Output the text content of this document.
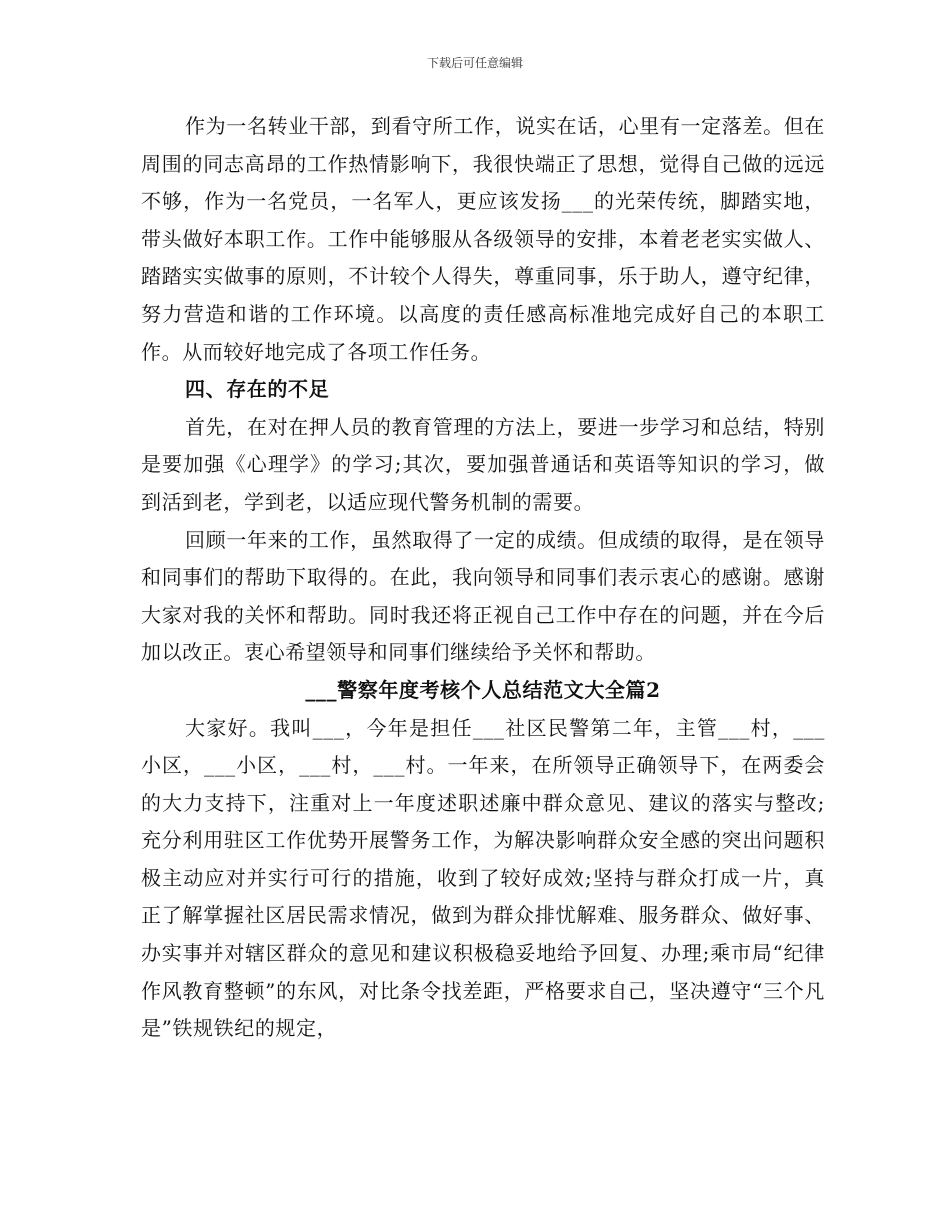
下载后可任意编辑

作为一名转业干部，到看守所工作，说实在话，心里有一定落差。但在周围的同志高昂的工作热情影响下，我很快端正了思想，觉得自己做的远远不够，作为一名党员，一名军人，更应该发扬___的光荣传统，脚踏实地，带头做好本职工作。工作中能够服从各级领导的安排，本着老老实实做人、踏踏实实做事的原则，不计较个人得失，尊重同事，乐于助人，遵守纪律，努力营造和谐的工作环境。以高度的责任感高标准地完成好自己的本职工作。从而较好地完成了各项工作任务。

四、存在的不足

首先，在对在押人员的教育管理的方法上，要进一步学习和总结，特别是要加强《心理学》的学习;其次，要加强普通话和英语等知识的学习，做到活到老，学到老，以适应现代警务机制的需要。

回顾一年来的工作，虽然取得了一定的成绩。但成绩的取得，是在领导和同事们的帮助下取得的。在此，我向领导和同事们表示衷心的感谢。感谢大家对我的关怀和帮助。同时我还将正视自己工作中存在的问题，并在今后加以改正。衷心希望领导和同事们继续给予关怀和帮助。

___警察年度考核个人总结范文大全篇2

大家好。我叫___，今年是担任___社区民警第二年，主管___村，___小区，___小区，___村，___村。一年来，在所领导正确领导下，在两委会的大力支持下，注重对上一年度述职述廉中群众意见、建议的落实与整改;充分利用驻区工作优势开展警务工作，为解决影响群众安全感的突出问题积极主动应对并实行可行的措施，收到了较好成效;坚持与群众打成一片，真正了解掌握社区居民需求情况，做到为群众排忧解难、服务群众、做好事、办实事并对辖区群众的意见和建议积极稳妥地给予回复、办理;乘市局“纪律作风教育整顿”的东风，对比条令找差距，严格要求自己，坚决遵守“三个凡是”铁规铁纪的规定，
